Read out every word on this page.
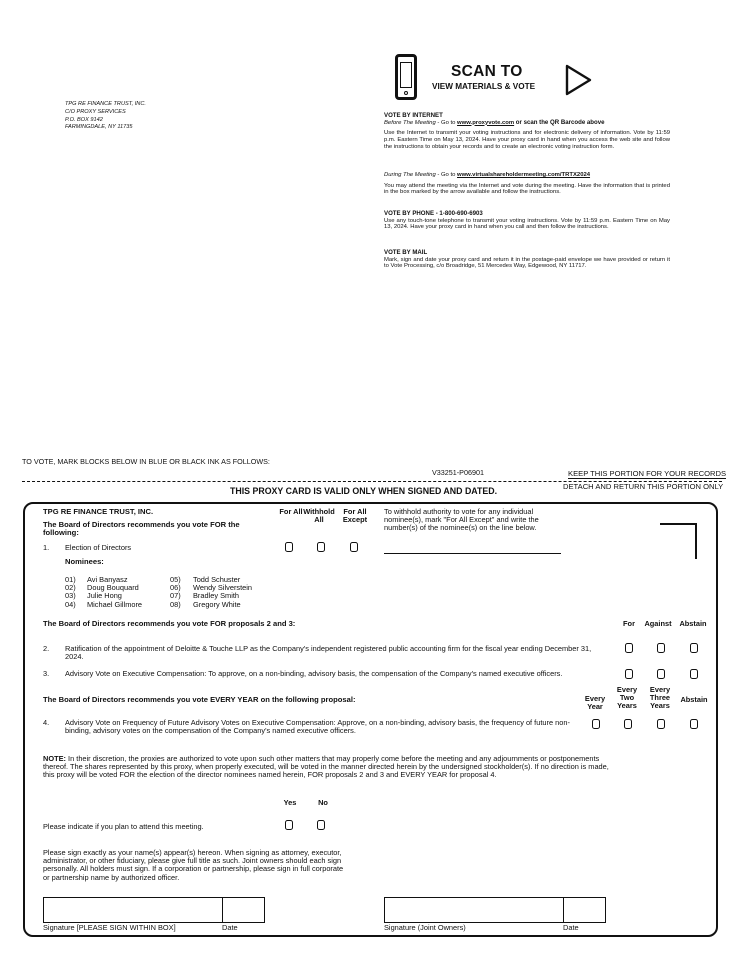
TPG RE FINANCE TRUST, INC.
C/O PROXY SERVICES
P.O. BOX 9142
FARMINGDALE, NY 11735
SCAN TO
VIEW MATERIALS & VOTE
VOTE BY INTERNET
Before The Meeting - Go to www.proxyvote.com or scan the QR Barcode above
Use the Internet to transmit your voting instructions and for electronic delivery of information. Vote by 11:59 p.m. Eastern Time on May 13, 2024. Have your proxy card in hand when you access the web site and follow the instructions to obtain your records and to create an electronic voting instruction form.
During The Meeting - Go to www.virtualshareholdermeeting.com/TRTX2024
You may attend the meeting via the Internet and vote during the meeting. Have the information that is printed in the box marked by the arrow available and follow the instructions.
VOTE BY PHONE - 1-800-690-6903
Use any touch-tone telephone to transmit your voting instructions. Vote by 11:59 p.m. Eastern Time on May 13, 2024. Have your proxy card in hand when you call and then follow the instructions.
VOTE BY MAIL
Mark, sign and date your proxy card and return it in the postage-paid envelope we have provided or return it to Vote Processing, c/o Broadridge, 51 Mercedes Way, Edgewood, NY 11717.
TO VOTE, MARK BLOCKS BELOW IN BLUE OR BLACK INK AS FOLLOWS:
V33251-P06901	KEEP THIS PORTION FOR YOUR RECORDS
THIS PROXY CARD IS VALID ONLY WHEN SIGNED AND DATED.	DETACH AND RETURN THIS PORTION ONLY
TPG RE FINANCE TRUST, INC.
The Board of Directors recommends you vote FOR the following:
For All Withhold All
For All Except
To withhold authority to vote for any individual nominee(s), mark "For All Except" and write the number(s) of the nominee(s) on the line below.
1. Election of Directors
Nominees:
01) Avi Banyasz
02) Doug Bouquard
03) Julie Hong
04) Michael Gillmore
05) Todd Schuster
06) Wendy Silverstein
07) Bradley Smith
08) Gregory White
The Board of Directors recommends you vote FOR proposals 2 and 3:	For	Against	Abstain
2. Ratification of the appointment of Deloitte & Touche LLP as the Company's independent registered public accounting firm for the fiscal year ending December 31, 2024.
3. Advisory Vote on Executive Compensation: To approve, on a non-binding, advisory basis, the compensation of the Company's named executive officers.
The Board of Directors recommends you vote EVERY YEAR on the following proposal:	Every Year
Every Two Years
Every Three Years
Abstain
4. Advisory Vote on Frequency of Future Advisory Votes on Executive Compensation: Approve, on a non-binding, advisory basis, the frequency of future non-binding, advisory votes on the compensation of the Company's named executive officers.
NOTE: In their discretion, the proxies are authorized to vote upon such other matters that may properly come before the meeting and any adjournments or postponements thereof. The shares represented by this proxy, when properly executed, will be voted in the manner directed herein by the undersigned stockholder(s). If no direction is made, this proxy will be voted FOR the election of the director nominees named herein, FOR proposals 2 and 3 and EVERY YEAR for proposal 4.
Yes	No
Please indicate if you plan to attend this meeting.
Please sign exactly as your name(s) appear(s) hereon. When signing as attorney, executor, administrator, or other fiduciary, please give full title as such. Joint owners should each sign personally. All holders must sign. If a corporation or partnership, please sign in full corporate or partnership name by authorized officer.
Signature [PLEASE SIGN WITHIN BOX]	Date	Signature (Joint Owners)	Date
